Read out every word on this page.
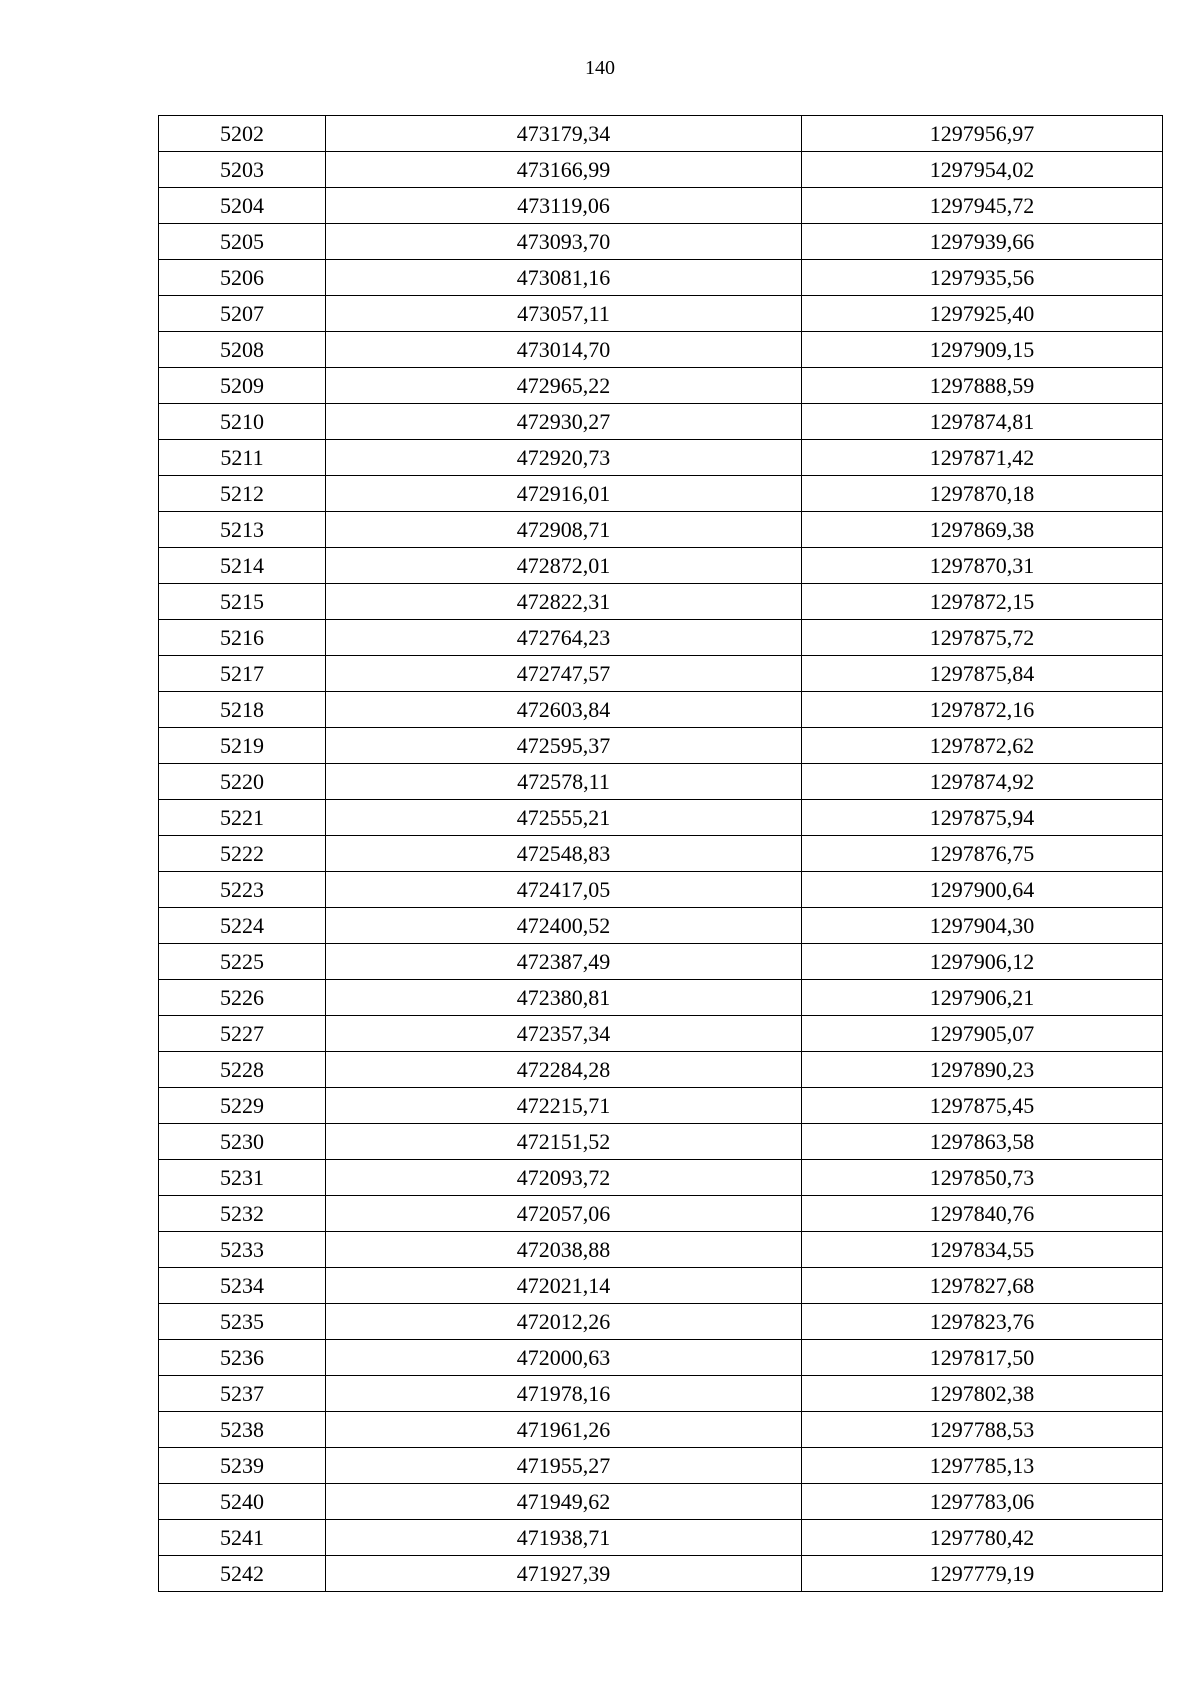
140
5202	473179,34	1297956,97
5203	473166,99	1297954,02
5204	473119,06	1297945,72
5205	473093,70	1297939,66
5206	473081,16	1297935,56
5207	473057,11	1297925,40
5208	473014,70	1297909,15
5209	472965,22	1297888,59
5210	472930,27	1297874,81
5211	472920,73	1297871,42
5212	472916,01	1297870,18
5213	472908,71	1297869,38
5214	472872,01	1297870,31
5215	472822,31	1297872,15
5216	472764,23	1297875,72
5217	472747,57	1297875,84
5218	472603,84	1297872,16
5219	472595,37	1297872,62
5220	472578,11	1297874,92
5221	472555,21	1297875,94
5222	472548,83	1297876,75
5223	472417,05	1297900,64
5224	472400,52	1297904,30
5225	472387,49	1297906,12
5226	472380,81	1297906,21
5227	472357,34	1297905,07
5228	472284,28	1297890,23
5229	472215,71	1297875,45
5230	472151,52	1297863,58
5231	472093,72	1297850,73
5232	472057,06	1297840,76
5233	472038,88	1297834,55
5234	472021,14	1297827,68
5235	472012,26	1297823,76
5236	472000,63	1297817,50
5237	471978,16	1297802,38
5238	471961,26	1297788,53
5239	471955,27	1297785,13
5240	471949,62	1297783,06
5241	471938,71	1297780,42
5242	471927,39	1297779,19
